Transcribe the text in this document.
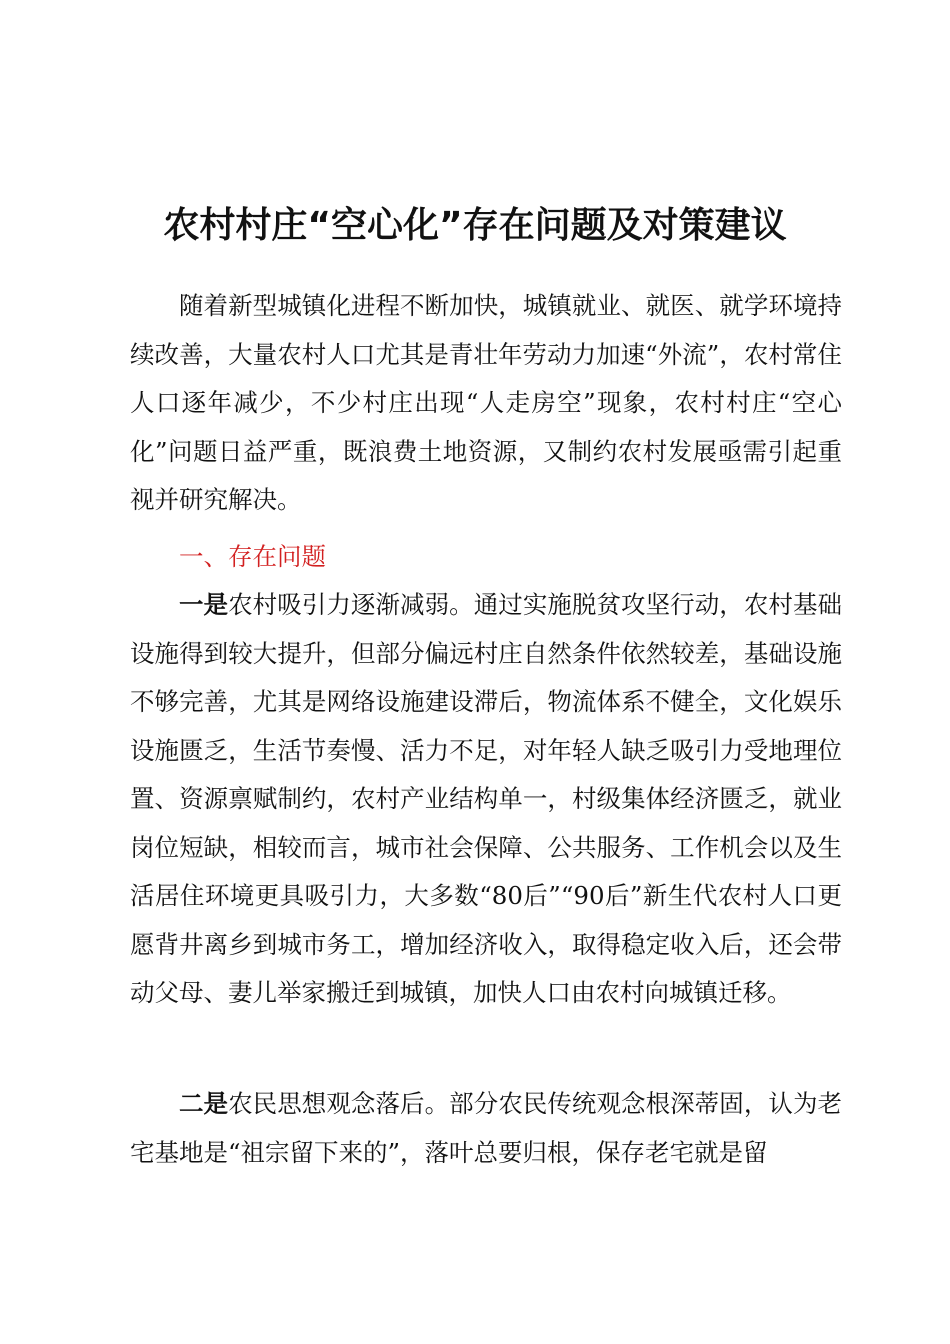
农村村庄“空心化”存在问题及对策建议

随着新型城镇化进程不断加快，城镇就业、就医、就学环境持续改善，大量农村人口尤其是青壮年劳动力加速“外流”，农村常住人口逐年减少，不少村庄出现“人走房空”现象，农村村庄“空心化”问题日益严重，既浪费土地资源，又制约农村发展亟需引起重视并研究解决。

一、存在问题

一是农村吸引力逐渐减弱。通过实施脱贫攻坚行动，农村基础设施得到较大提升，但部分偏远村庄自然条件依然较差，基础设施不够完善，尤其是网络设施建设滞后，物流体系不健全，文化娱乐设施匮乏，生活节奏慢、活力不足，对年轻人缺乏吸引力受地理位置、资源禀赋制约，农村产业结构单一，村级集体经济匮乏，就业岗位短缺，相较而言，城市社会保障、公共服务、工作机会以及生活居住环境更具吸引力，大多数“80后”“90后”新生代农村人口更愿背井离乡到城市务工，增加经济收入，取得稳定收入后，还会带动父母、妻儿举家搬迁到城镇，加快人口由农村向城镇迁移。

二是农民思想观念落后。部分农民传统观念根深蒂固，认为老宅基地是“祖宗留下来的”，落叶总要归根，保存老宅就是留
